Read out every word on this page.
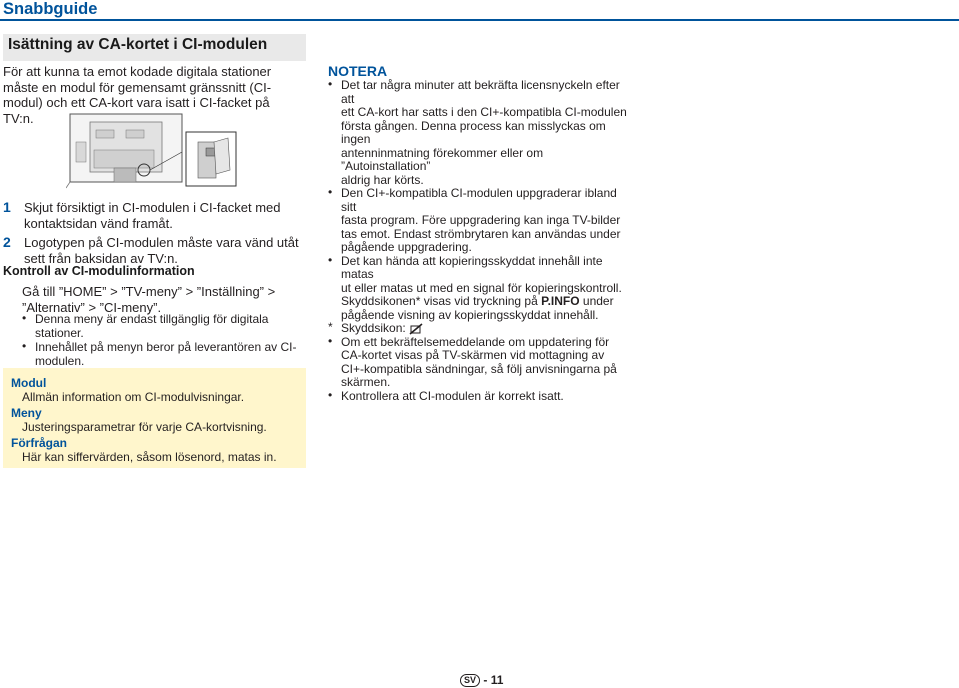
Snabbguide
Isättning av CA-kortet i CI-modulen
För att kunna ta emot kodade digitala stationer
måste en modul för gemensamt gränssnitt (CI-
modul) och ett CA-kort vara isatt i CI-facket på TV:n.
1 Skjut försiktigt in CI-modulen i CI-facket med
kontaktsidan vänd framåt.
2 Logotypen på CI-modulen måste vara vänd utåt
sett från baksidan av TV:n.
Kontroll av CI-modulinformation
Gå till ”HOME” > ”TV-meny” > ”Inställning” >
”Alternativ” > ”CI-meny”.
• Denna meny är endast tillgänglig för digitala
stationer.
• Innehållet på menyn beror på leverantören av CI-
modulen.
Modul
Allmän information om CI-modulvisningar.
Meny
Justeringsparametrar för varje CA-kortvisning.
Förfrågan
Här kan siffervärden, såsom lösenord, matas in.
NOTERA
• Det tar några minuter att bekräfta licensnyckeln efter att
ett CA-kort har satts i den CI+-kompatibla CI-modulen
första gången. Denna process kan misslyckas om ingen
antenninmatning förekommer eller om ”Autoinstallation”
aldrig har körts.
• Den CI+-kompatibla CI-modulen uppgraderar ibland sitt
fasta program. Före uppgradering kan inga TV-bilder
tas emot. Endast strömbrytaren kan användas under
pågående uppgradering.
• Det kan hända att kopieringsskyddat innehåll inte matas
ut eller matas ut med en signal för kopieringskontroll.
Skyddsikonen* visas vid tryckning på P.INFO under
pågående visning av kopieringsskyddat innehåll.
* Skyddsikon:
• Om ett bekräftelsemeddelande om uppdatering för
CA-kortet visas på TV-skärmen vid mottagning av
CI+-kompatibla sändningar, så följ anvisningarna på
skärmen.
• Kontrollera att CI-modulen är korrekt isatt.
SV - 11
